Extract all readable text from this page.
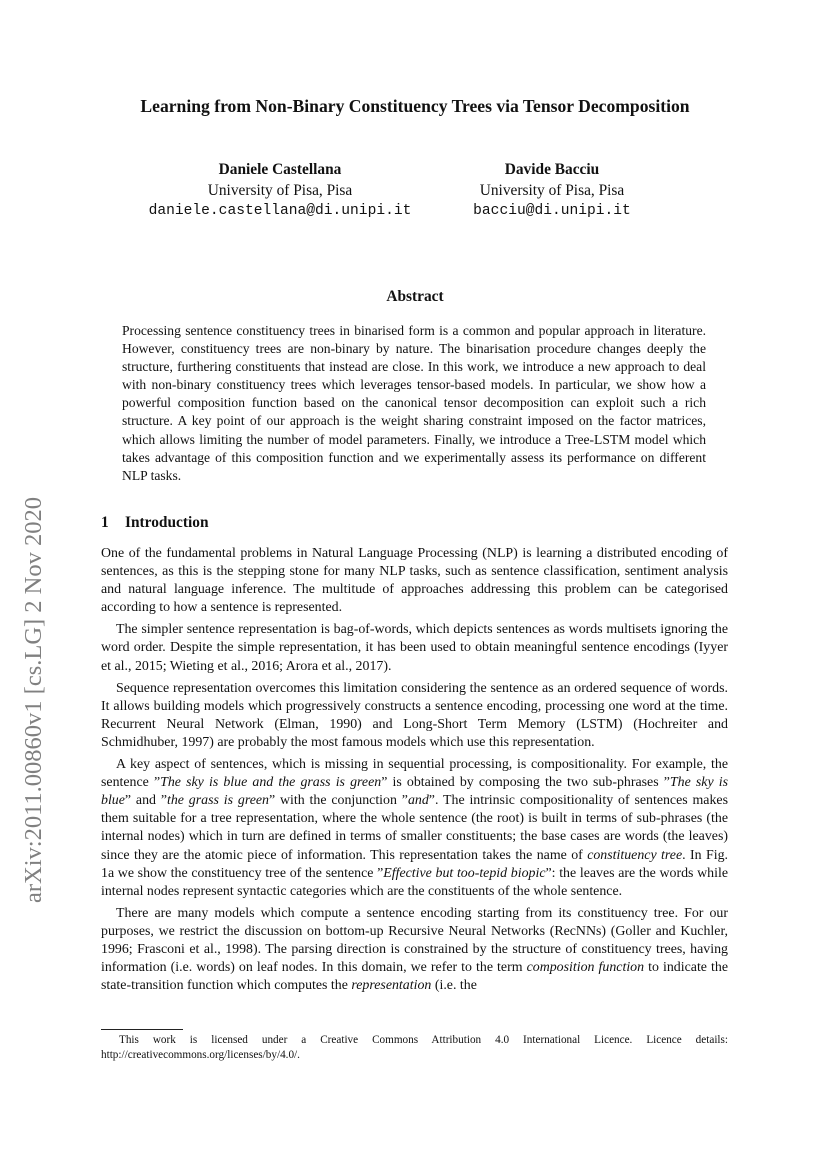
arXiv:2011.00860v1 [cs.LG] 2 Nov 2020
Learning from Non-Binary Constituency Trees via Tensor Decomposition
Daniele Castellana
University of Pisa, Pisa
daniele.castellana@di.unipi.it
Davide Bacciu
University of Pisa, Pisa
bacciu@di.unipi.it
Abstract
Processing sentence constituency trees in binarised form is a common and popular approach in literature. However, constituency trees are non-binary by nature. The binarisation procedure changes deeply the structure, furthering constituents that instead are close. In this work, we introduce a new approach to deal with non-binary constituency trees which leverages tensor-based models. In particular, we show how a powerful composition function based on the canonical tensor decomposition can exploit such a rich structure. A key point of our approach is the weight sharing constraint imposed on the factor matrices, which allows limiting the number of model parameters. Finally, we introduce a Tree-LSTM model which takes advantage of this composition function and we experimentally assess its performance on different NLP tasks.
1 Introduction

One of the fundamental problems in Natural Language Processing (NLP) is learning a distributed encoding of sentences, as this is the stepping stone for many NLP tasks, such as sentence classification, sentiment analysis and natural language inference. The multitude of approaches addressing this problem can be categorised according to how a sentence is represented.

The simpler sentence representation is bag-of-words, which depicts sentences as words multisets ignoring the word order. Despite the simple representation, it has been used to obtain meaningful sentence encodings (Iyyer et al., 2015; Wieting et al., 2016; Arora et al., 2017).

Sequence representation overcomes this limitation considering the sentence as an ordered sequence of words. It allows building models which progressively constructs a sentence encoding, processing one word at the time. Recurrent Neural Network (Elman, 1990) and Long-Short Term Memory (LSTM) (Hochreiter and Schmidhuber, 1997) are probably the most famous models which use this representation.

A key aspect of sentences, which is missing in sequential processing, is compositionality. For example, the sentence ”The sky is blue and the grass is green” is obtained by composing the two sub-phrases ”The sky is blue” and ”the grass is green” with the conjunction ”and”. The intrinsic compositionality of sentences makes them suitable for a tree representation, where the whole sentence (the root) is built in terms of sub-phrases (the internal nodes) which in turn are defined in terms of smaller constituents; the base cases are words (the leaves) since they are the atomic piece of information. This representation takes the name of constituency tree. In Fig. 1a we show the constituency tree of the sentence ”Effective but too-tepid biopic”: the leaves are the words while internal nodes represent syntactic categories which are the constituents of the whole sentence.

There are many models which compute a sentence encoding starting from its constituency tree. For our purposes, we restrict the discussion on bottom-up Recursive Neural Networks (RecNNs) (Goller and Kuchler, 1996; Frasconi et al., 1998). The parsing direction is constrained by the structure of constituency trees, having information (i.e. words) on leaf nodes. In this domain, we refer to the term composition function to indicate the state-transition function which computes the representation (i.e. the

This work is licensed under a Creative Commons Attribution 4.0 International Licence. Licence details: http://creativecommons.org/licenses/by/4.0/.
